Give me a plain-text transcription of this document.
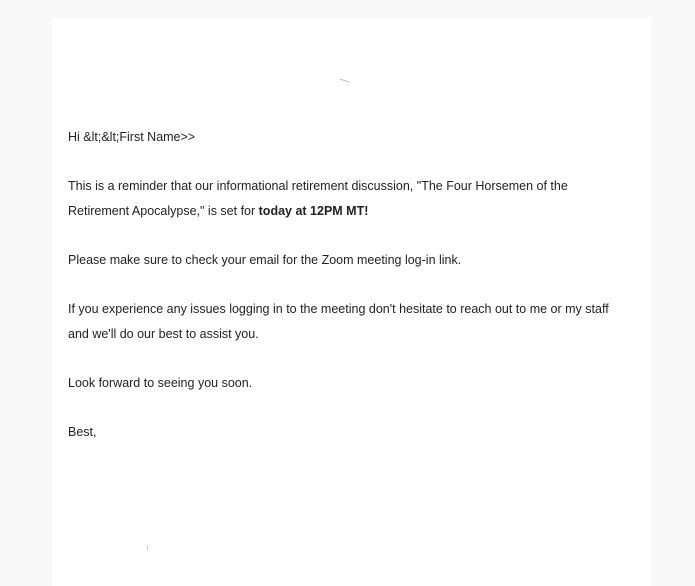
Hi &lt;&lt;First Name>>

This is a reminder that our informational retirement discussion, "The Four Horsemen of the Retirement Apocalypse," is set for today at 12PM MT!

Please make sure to check your email for the Zoom meeting log-in link.

If you experience any issues logging in to the meeting don't hesitate to reach out to me or my staff and we'll do our best to assist you.

Look forward to seeing you soon.

Best,
